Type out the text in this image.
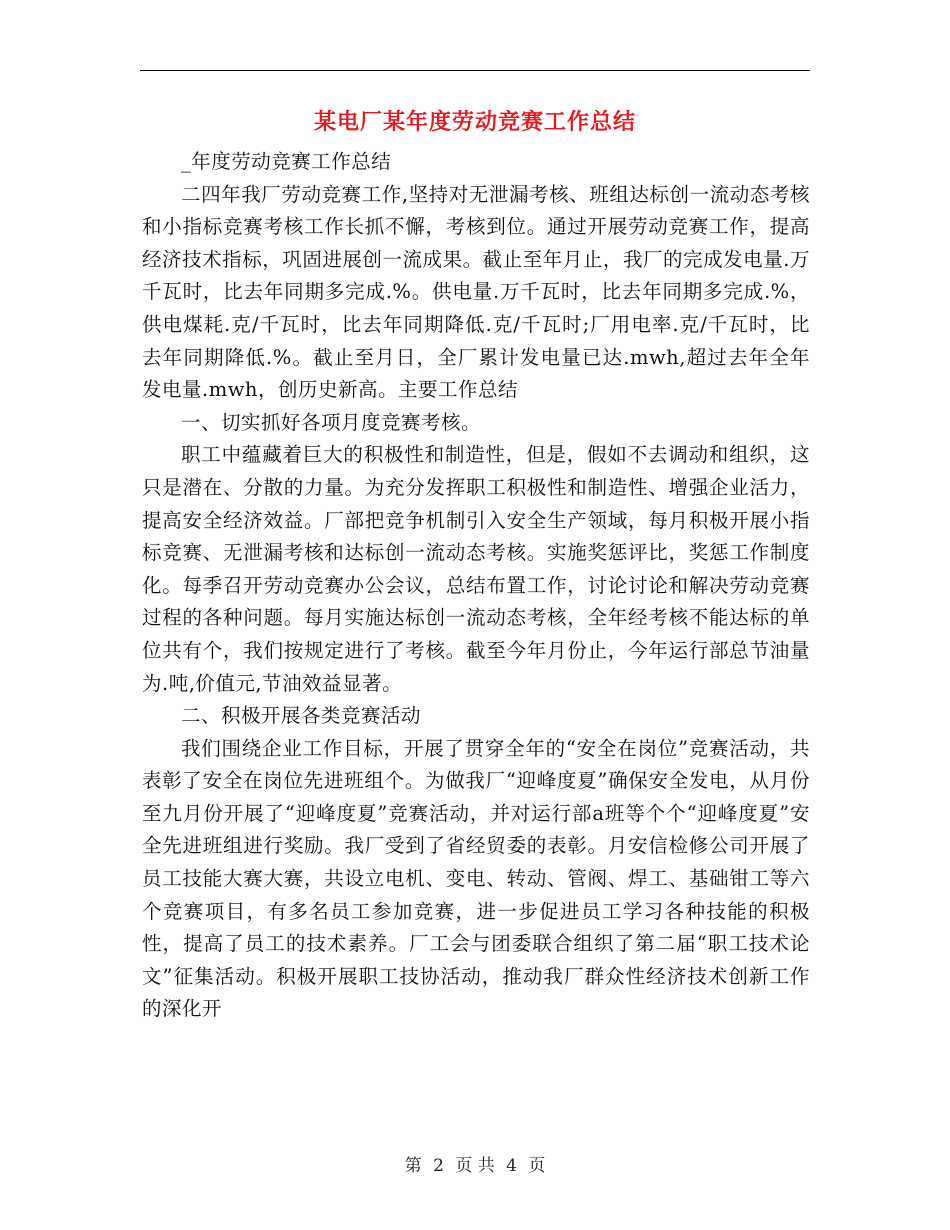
某电厂某年度劳动竞赛工作总结

_年度劳动竞赛工作总结

二四年我厂劳动竞赛工作,坚持对无泄漏考核、班组达标创一流动态考核和小指标竞赛考核工作长抓不懈，考核到位。通过开展劳动竞赛工作，提高经济技术指标，巩固进展创一流成果。截止至年月止，我厂的完成发电量.万千瓦时，比去年同期多完成.%。供电量.万千瓦时，比去年同期多完成.%，供电煤耗.克/千瓦时，比去年同期降低.克/千瓦时;厂用电率.克/千瓦时，比去年同期降低.%。截止至月日，全厂累计发电量已达.mwh,超过去年全年发电量.mwh，创历史新高。主要工作总结

一、切实抓好各项月度竞赛考核。

职工中蕴藏着巨大的积极性和制造性，但是，假如不去调动和组织，这只是潜在、分散的力量。为充分发挥职工积极性和制造性、增强企业活力，提高安全经济效益。厂部把竞争机制引入安全生产领域，每月积极开展小指标竞赛、无泄漏考核和达标创一流动态考核。实施奖惩评比，奖惩工作制度化。每季召开劳动竞赛办公会议，总结布置工作，讨论讨论和解决劳动竞赛过程的各种问题。每月实施达标创一流动态考核，全年经考核不能达标的单位共有个，我们按规定进行了考核。截至今年月份止，今年运行部总节油量为.吨,价值元,节油效益显著。

二、积极开展各类竞赛活动

我们围绕企业工作目标，开展了贯穿全年的“安全在岗位”竞赛活动，共表彰了安全在岗位先进班组个。为做我厂“迎峰度夏”确保安全发电，从月份至九月份开展了“迎峰度夏”竞赛活动，并对运行部a班等个个“迎峰度夏”安全先进班组进行奖励。我厂受到了省经贸委的表彰。月安信检修公司开展了员工技能大赛大赛，共设立电机、变电、转动、管阀、焊工、基础钳工等六个竞赛项目，有多名员工参加竞赛，进一步促进员工学习各种技能的积极性，提高了员工的技术素养。厂工会与团委联合组织了第二届“职工技术论文”征集活动。积极开展职工技协活动，推动我厂群众性经济技术创新工作的深化开

第 2 页 共 4 页
